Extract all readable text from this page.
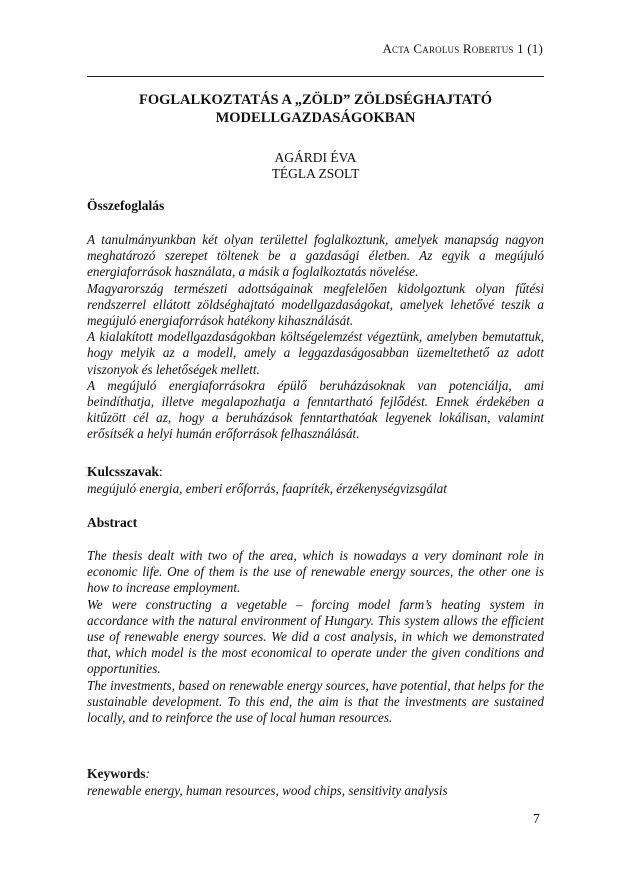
Acta Carolus Robertus 1 (1)
FOGLALKOZTATÁS A „ZÖLD” ZÖLDSÉGHAJTATÓ
MODELLGAZDASÁGOKBAN
AGÁRDI ÉVA
TÉGLA ZSOLT
Összefoglalás

A tanulmányunkban két olyan területtel foglalkoztunk, amelyek manapság nagyon meghatározó szerepet töltenek be a gazdasági életben. Az egyik a megújuló energiaforrások használata, a másik a foglalkoztatás növelése.

Magyarország természeti adottságainak megfelelően kidolgoztunk olyan fűtési rendszerrel ellátott zöldséghajtató modellgazdaságokat, amelyek lehetővé teszik a megújuló energiaforrások hatékony kihasználását.

A kialakított modellgazdaságokban költségelemzést végeztünk, amelyben bemutattuk, hogy melyik az a modell, amely a leggazdaságosabban üzemeltethető az adott viszonyok és lehetőségek mellett.

A megújuló energiaforrásokra épülő beruházásoknak van potenciálja, ami beindíthatja, illetve megalapozhatja a fenntartható fejlődést. Ennek érdekében a kitűzött cél az, hogy a beruházások fenntarthatóak legyenek lokálisan, valamint erősítsék a helyi humán erőforrások felhasználását.

Kulcsszavak:
megújuló energia, emberi erőforrás, faapríték, érzékenységvizsgálat
Abstract

The thesis dealt with two of the area, which is nowadays a very dominant role in economic life. One of them is the use of renewable energy sources, the other one is how to increase employment.

We were constructing a vegetable – forcing model farm’s heating system in accordance with the natural environment of Hungary. This system allows the efficient use of renewable energy sources. We did a cost analysis, in which we demonstrated that, which model is the most economical to operate under the given conditions and opportunities.

The investments, based on renewable energy sources, have potential, that helps for the sustainable development. To this end, the aim is that the investments are sustained locally, and to reinforce the use of local human resources.

Keywords:
renewable energy, human resources, wood chips, sensitivity analysis
7
